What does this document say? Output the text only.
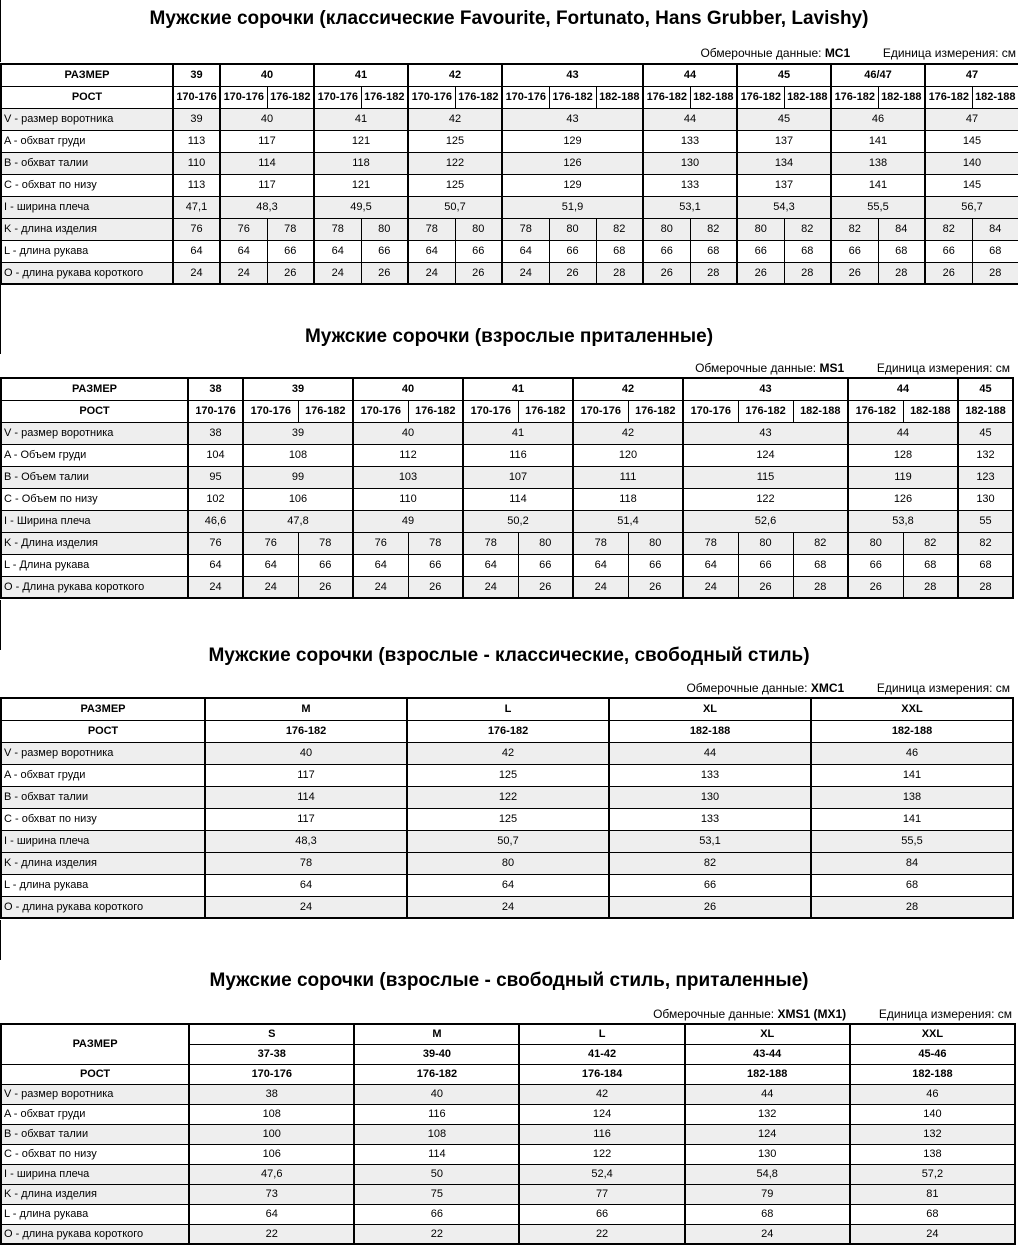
Мужские сорочки (классические Favourite, Fortunato, Hans Grubber, Lavishy)
Обмерочные данные: MC1	Единица измерения: см
РАЗМЕР	39	40		41		42		43			44		45		46/47		47	
РОСТ	170-176	170-176	176-182	170-176	176-182	170-176	176-182	170-176	176-182	182-188	176-182	182-188	176-182	182-188	176-182	182-188	176-182	182-188
V - размер воротника	39	40		41		42		43			44		45		46		47	
A - обхват груди	113	117		121		125		129			133		137		141		145	
B - обхват талии	110	114		118		122		126			130		134		138		140	
C - обхват по низу	113	117		121		125		129			133		137		141		145	
I - ширина плеча	47,1	48,3		49,5		50,7		51,9			53,1		54,3		55,5		56,7	
K - длина изделия	76	76	78	78	80	78	80	78	80	82	80	82	80	82	82	84	82	84
L - длина рукава	64	64	66	64	66	64	66	64	66	68	66	68	66	68	66	68	66	68
O - длина рукава короткого	24	24	26	24	26	24	26	24	26	28	26	28	26	28	26	28	26	28
Мужские сорочки (взрослые приталенные)
Обмерочные данные: MS1	Единица измерения: см
РАЗМЕР	38	39		40		41		42		43			44		45
РОСТ	170-176	170-176	176-182	170-176	176-182	170-176	176-182	170-176	176-182	170-176	176-182	182-188	176-182	182-188	182-188
V - размер воротника	38	39		40		41		42		43			44		45
A - Объем груди	104	108		112		116		120		124			128		132
B - Объем талии	95	99		103		107		111		115			119		123
C - Объем по низу	102	106		110		114		118		122			126		130
I - Ширина плеча	46,6	47,8		49		50,2		51,4		52,6			53,8		55
K - Длина изделия	76	76	78	76	78	78	80	78	80	78	80	82	80	82	82
L - Длина рукава	64	64	66	64	66	64	66	64	66	64	66	68	66	68	68
O - Длина рукава короткого	24	24	26	24	26	24	26	24	26	24	26	28	26	28	28
Мужские сорочки (взрослые - классические, свободный стиль)
Обмерочные данные: XMC1	Единица измерения: см
РАЗМЕР	M	L	XL	XXL
РОСТ	176-182	176-182	182-188	182-188
V - размер воротника	40	42	44	46
A - обхват груди	117	125	133	141
B - обхват талии	114	122	130	138
C - обхват по низу	117	125	133	141
I - ширина плеча	48,3	50,7	53,1	55,5
K - длина изделия	78	80	82	84
L - длина рукава	64	64	66	68
O - длина рукава короткого	24	24	26	28
Мужские сорочки (взрослые - свободный стиль, приталенные)
Обмерочные данные: XMS1 (MX1)	Единица измерения: см
РАЗМЕР	S	M	L	XL	XXL
	37-38	39-40	41-42	43-44	45-46
РОСТ	170-176	176-182	176-184	182-188	182-188
V - размер воротника	38	40	42	44	46
A - обхват груди	108	116	124	132	140
B - обхват талии	100	108	116	124	132
C - обхват по низу	106	114	122	130	138
I - ширина плеча	47,6	50	52,4	54,8	57,2
K - длина изделия	73	75	77	79	81
L - длина рукава	64	66	66	68	68
O - длина рукава короткого	22	22	22	24	24
